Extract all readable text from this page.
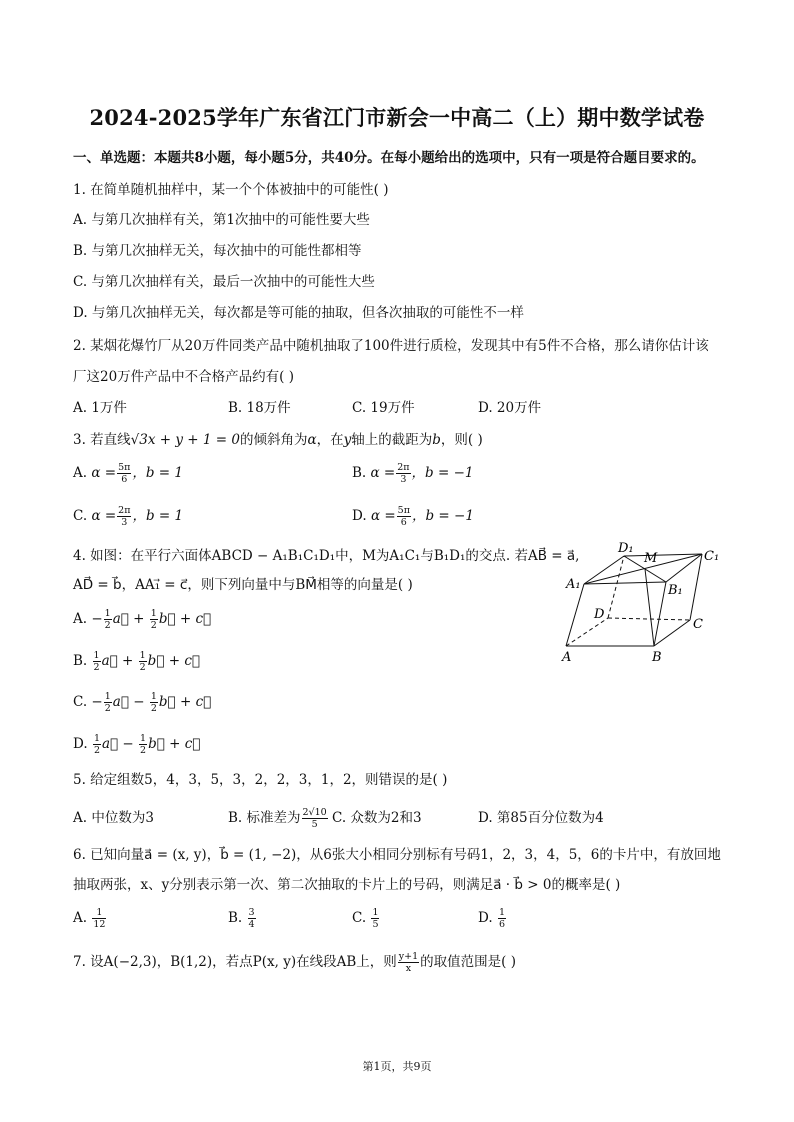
2024-2025学年广东省江门市新会一中高二（上）期中数学试卷
一、单选题：本题共8小题，每小题5分，共40分。在每小题给出的选项中，只有一项是符合题目要求的。
1. 在简单随机抽样中，某一个个体被抽中的可能性( )
A. 与第几次抽样有关，第1次抽中的可能性要大些
B. 与第几次抽样无关，每次抽中的可能性都相等
C. 与第几次抽样有关，最后一次抽中的可能性大些
D. 与第几次抽样无关，每次都是等可能的抽取，但各次抽取的可能性不一样
2. 某烟花爆竹厂从20万件同类产品中随机抽取了100件进行质检，发现其中有5件不合格，那么请你估计该
厂这20万件产品中不合格产品约有( )
A. 1万件	B. 18万件	C. 19万件	D. 20万件
3. 若直线√3x + y + 1 = 0的倾斜角为α，在y轴上的截距为b，则( )
A. $\alpha = \frac{5\pi}{6}$ ，b = 1	B. $\alpha = \frac{2\pi}{3}$ ，b = −1
C. $\alpha = \frac{2\pi}{3}$ ，b = 1	D. $\alpha = \frac{5\pi}{6}$ ，b = −1
4. 如图：在平行六面体ABCD − A₁B₁C₁D₁中，M为A₁C₁与B₁D₁的交点. 若AB⃗ = a⃗,
AD⃗ = b⃗，AA₁⃗ = c⃗，则下列向量中与BM⃗相等的向量是( )
A. − $\frac{1}{2}$ a⃗ + $\frac{1}{2}$ b⃗ + c⃗
B. $\frac{1}{2}$ a⃗ + $\frac{1}{2}$ b⃗ + c⃗
C. − $\frac{1}{2}$ a⃗ − $\frac{1}{2}$ b⃗ + c⃗
D. $\frac{1}{2}$ a⃗ − $\frac{1}{2}$ b⃗ + c⃗
D₁
M	C₁
A₁	B₁
D
C
A	B
5. 给定组数5，4，3，5，3，2，2，3，1，2，则错误的是( )
A. 中位数为3	B. 标准差为 $\frac{2√10}{5} C$. 众数为2和3	D. 第85百分位数为4
6. 已知向量a⃗ = (x, y)，b⃗ = (1, −2)，从6张大小相同分别标有号码1，2，3，4，5，6的卡片中，有放回地
抽取两张，x、y分别表示第一次、第二次抽取的卡片上的号码，则满足a⃗ · b⃗ > 0的概率是( )
A. $\frac{1}{12}$	B. $\frac{3}{4}$	C. $\frac{1}{5}$	D. $\frac{1}{6}$
7. 设A(−2,3)，B(1,2)，若点P(x, y)在线段AB上，则 $\frac{y+1}{x}$ 的取值范围是( )
第1页，共9页
